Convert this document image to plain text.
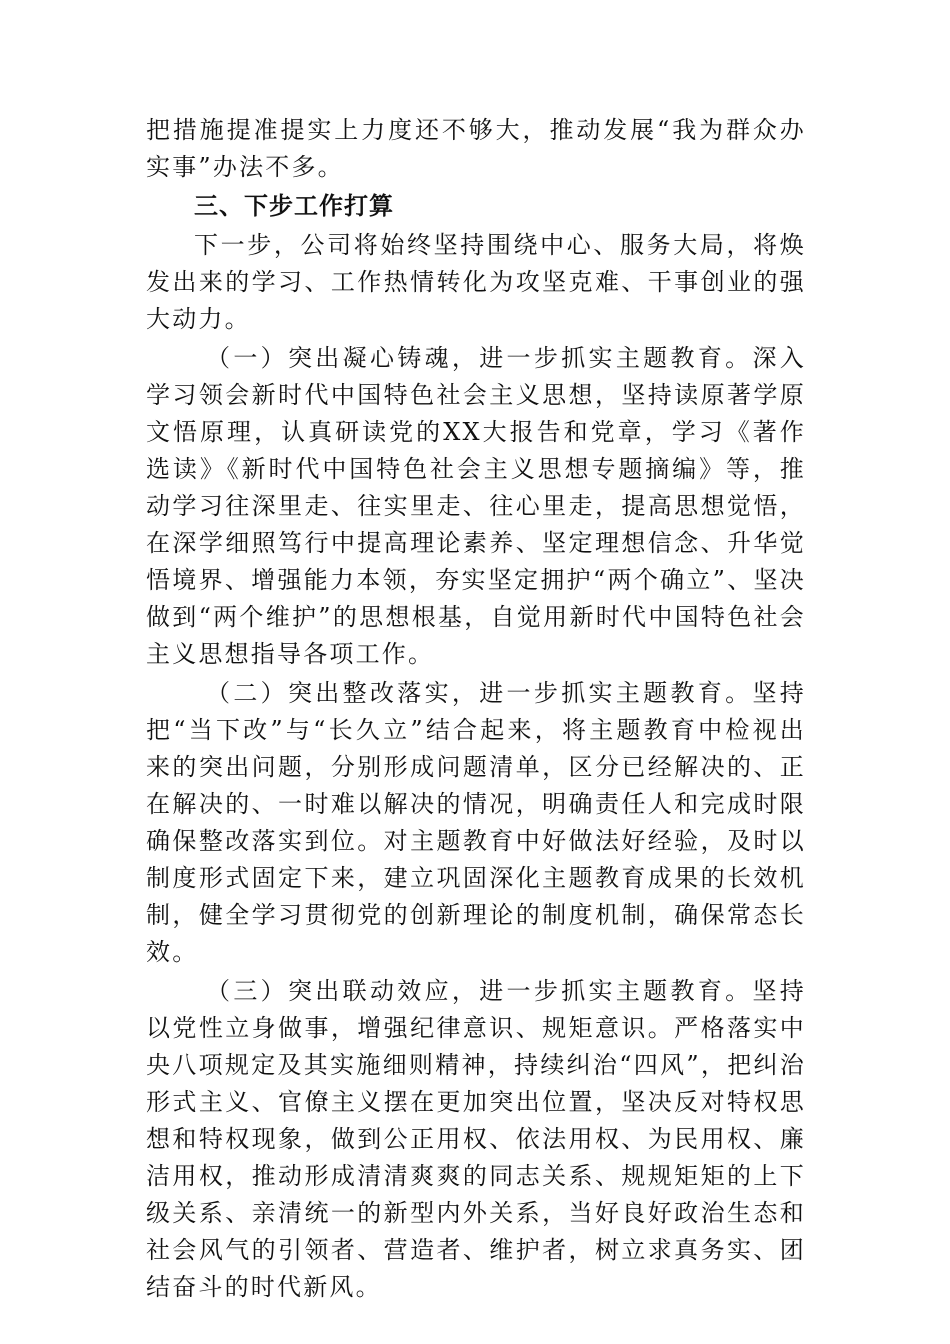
把措施提准提实上力度还不够大，推动发展“我为群众办实事”办法不多。

三、下步工作打算

下一步，公司将始终坚持围绕中心、服务大局，将焕发出来的学习、工作热情转化为攻坚克难、干事创业的强大动力。

（一）突出凝心铸魂，进一步抓实主题教育。深入学习领会新时代中国特色社会主义思想，坚持读原著学原文悟原理，认真研读党的XX大报告和党章，学习《著作选读》《新时代中国特色社会主义思想专题摘编》等，推动学习往深里走、往实里走、往心里走，提高思想觉悟，在深学细照笃行中提高理论素养、坚定理想信念、升华觉悟境界、增强能力本领，夯实坚定拥护“两个确立”、坚决做到“两个维护”的思想根基，自觉用新时代中国特色社会主义思想指导各项工作。

（二）突出整改落实，进一步抓实主题教育。坚持把“当下改”与“长久立”结合起来，将主题教育中检视出来的突出问题，分别形成问题清单，区分已经解决的、正在解决的、一时难以解决的情况，明确责任人和完成时限确保整改落实到位。对主题教育中好做法好经验，及时以制度形式固定下来，建立巩固深化主题教育成果的长效机制，健全学习贯彻党的创新理论的制度机制，确保常态长效。

（三）突出联动效应，进一步抓实主题教育。坚持以党性立身做事，增强纪律意识、规矩意识。严格落实中央八项规定及其实施细则精神，持续纠治“四风”，把纠治形式主义、官僚主义摆在更加突出位置，坚决反对特权思想和特权现象，做到公正用权、依法用权、为民用权、廉洁用权，推动形成清清爽爽的同志关系、规规矩矩的上下级关系、亲清统一的新型内外关系，当好良好政治生态和社会风气的引领者、营造者、维护者，树立求真务实、团结奋斗的时代新风。
